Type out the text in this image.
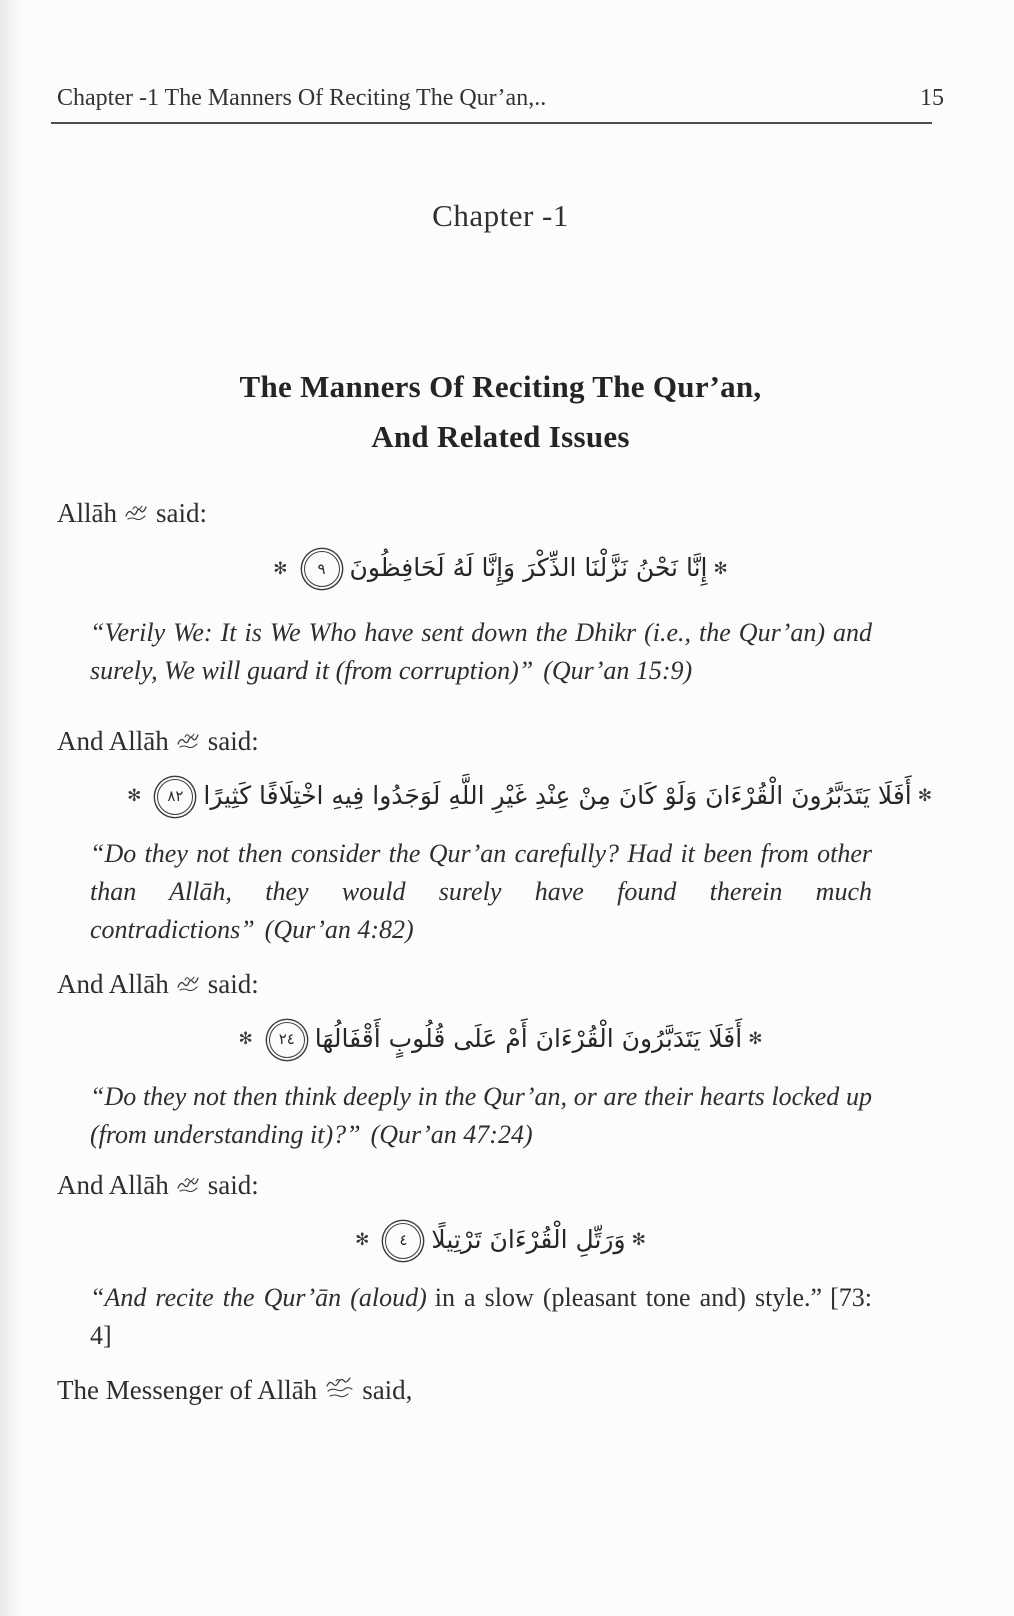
Chapter -1 The Manners Of Reciting The Qur’an,..	15
Chapter -1
The Manners Of Reciting The Qur’an,
And Related Issues

Allāh said:

✻إِنَّا نَحْنُ نَزَّلْنَا الذِّكْرَ وَإِنَّا لَهُ لَحَافِظُونَ
٩
✻

“Verily We: It is We Who have sent down the Dhikr (i.e., the Qur’an) and surely, We will guard it (from corruption)” (Qur’an 15:9)

And Allāh said:

✻أَفَلَا يَتَدَبَّرُونَ الْقُرْءَانَ وَلَوْ كَانَ مِنْ عِنْدِ غَيْرِ اللَّهِ لَوَجَدُوا فِيهِ اخْتِلَافًا كَثِيرًا
٨٢
✻

“Do they not then consider the Qur’an carefully? Had it been from other than Allāh, they would surely have found therein much contradictions” (Qur’an 4:82)

And Allāh said:

✻أَفَلَا يَتَدَبَّرُونَ الْقُرْءَانَ أَمْ عَلَى قُلُوبٍ أَقْفَالُهَا
٢٤
✻

“Do they not then think deeply in the Qur’an, or are their hearts locked up (from understanding it)?” (Qur’an 47:24)

And Allāh said:

✻وَرَتِّلِ الْقُرْءَانَ تَرْتِيلًا
٤
✻

“And recite the Qur’ān (aloud) in a slow (pleasant tone and) style.” [73: 4]

The Messenger of Allāh said,
